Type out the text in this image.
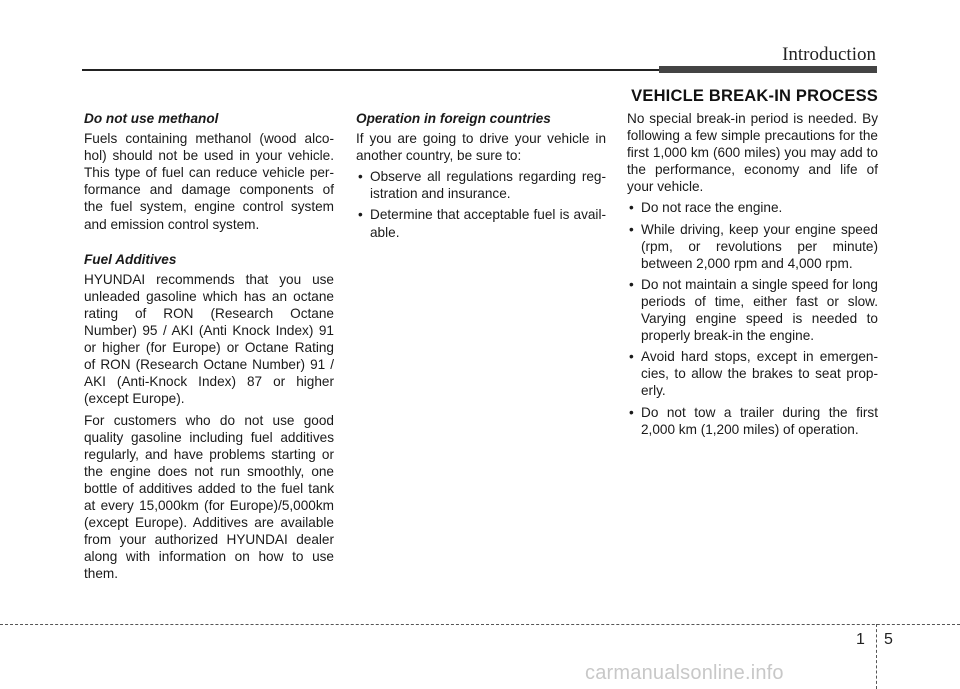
Introduction
Do not use methanol

Fuels containing methanol (wood alco-hol) should not be used in your vehicle. This type of fuel can reduce vehicle per-formance and damage components of the fuel system, engine control system and emission control system.

Fuel Additives

HYUNDAI recommends that you use unleaded gasoline which has an octane rating of RON (Research Octane Number) 95 / AKI (Anti Knock Index) 91 or higher (for Europe) or Octane Rating of RON (Research Octane Number) 91 / AKI (Anti-Knock Index) 87 or higher (except Europe).

For customers who do not use good quality gasoline including fuel additives regularly, and have problems starting or the engine does not run smoothly, one bottle of additives added to the fuel tank at every 15,000km (for Europe)/5,000km (except Europe). Additives are available from your authorized HYUNDAI dealer along with information on how to use them.

Operation in foreign countries

If you are going to drive your vehicle in another country, be sure to:

• Observe all regulations regarding reg-istration and insurance.
• Determine that acceptable fuel is avail-able.
VEHICLE BREAK-IN PROCESS

No special break-in period is needed. By following a few simple precautions for the first 1,000 km (600 miles) you may add to the performance, economy and life of your vehicle.

• Do not race the engine.
• While driving, keep your engine speed (rpm, or revolutions per minute) between 2,000 rpm and 4,000 rpm.
• Do not maintain a single speed for long periods of time, either fast or slow. Varying engine speed is needed to properly break-in the engine.
• Avoid hard stops, except in emergen-cies, to allow the brakes to seat prop-erly.
• Do not tow a trailer during the first 2,000 km (1,200 miles) of operation.
1 5
carmanualsonline.info
